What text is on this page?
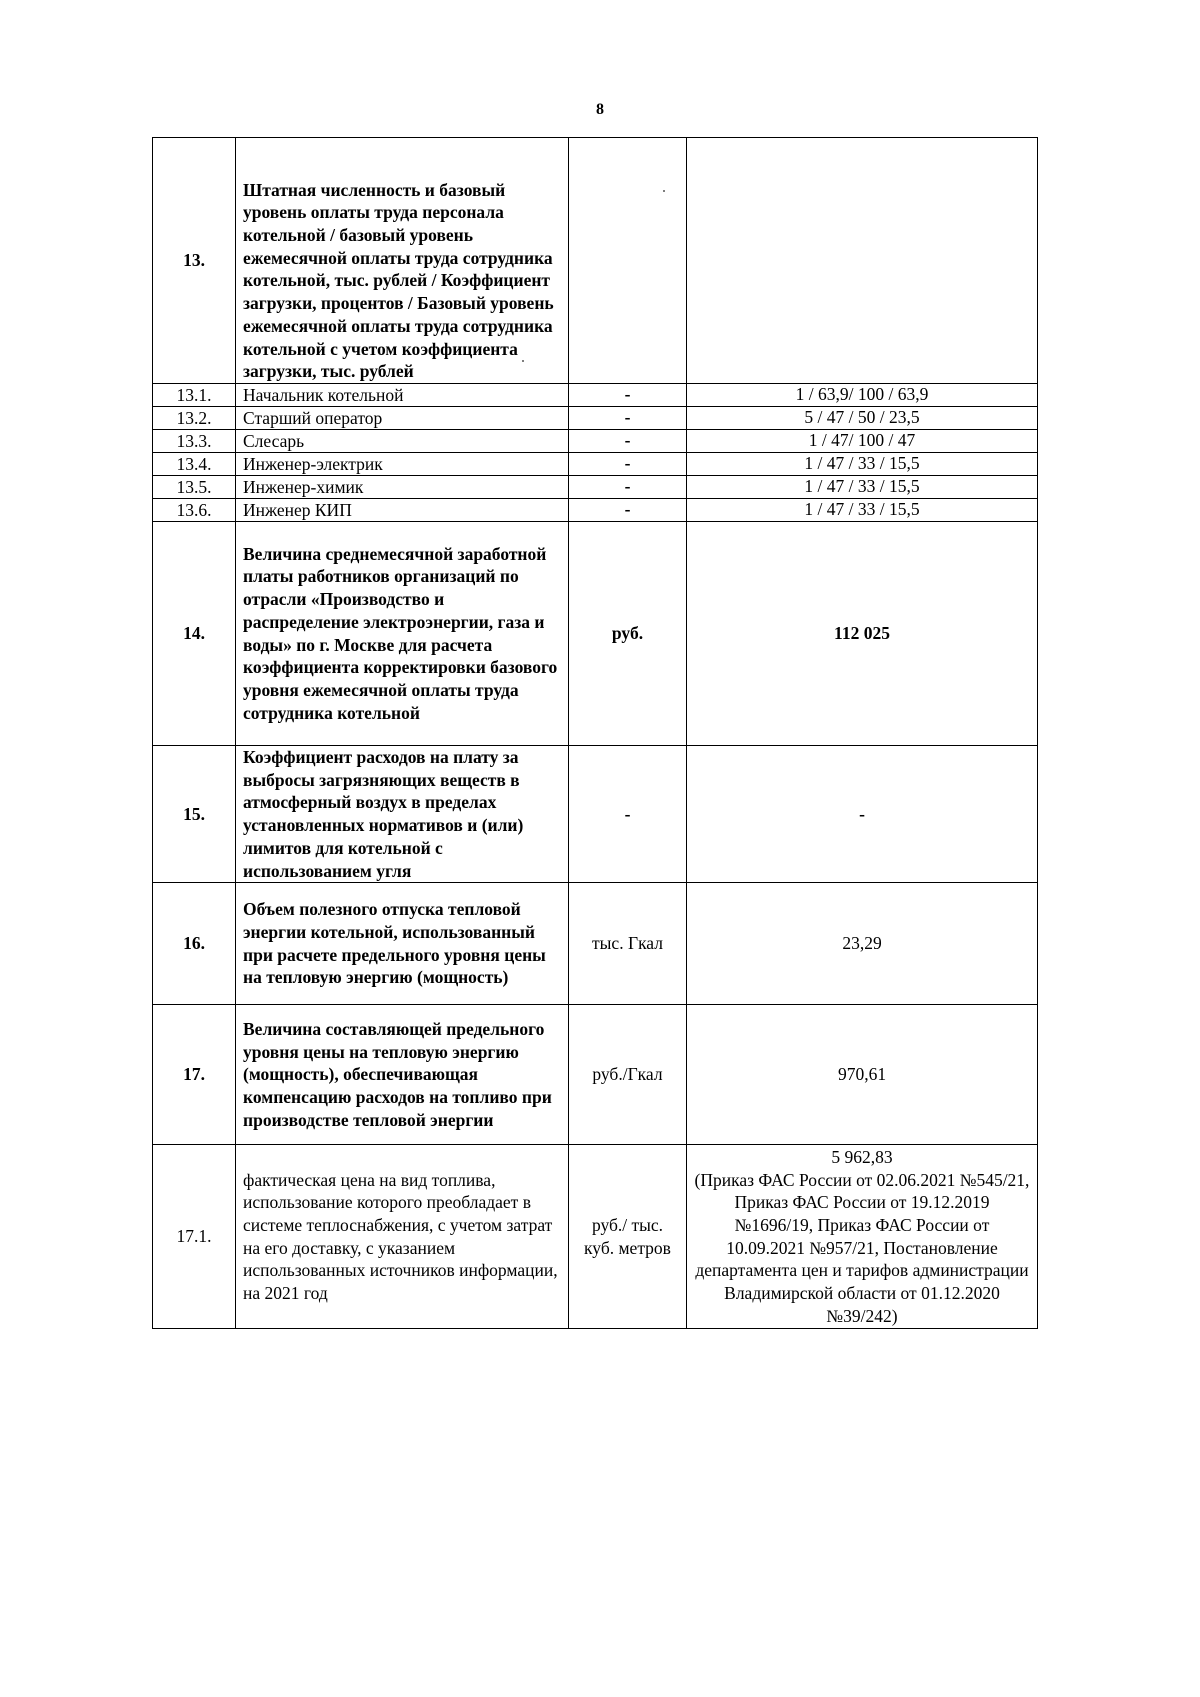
8
13.	Штатная численность и базовый уровень оплаты труда персонала котельной / базовый уровень ежемесячной оплаты труда сотрудника котельной, тыс. рублей / Коэффициент загрузки, процентов / Базовый уровень ежемесячной оплаты труда сотрудника котельной с учетом коэффициента загрузки, тыс. рублей		
13.1.	Начальник котельной	-	1 / 63,9/ 100 / 63,9
13.2.	Старший оператор	-	5 / 47 / 50 / 23,5
13.3.	Слесарь	-	1 / 47/ 100 / 47
13.4.	Инженер-электрик	-	1 / 47 / 33 / 15,5
13.5.	Инженер-химик	-	1 / 47 / 33 / 15,5
13.6.	Инженер КИП	-	1 / 47 / 33 / 15,5
14.	Величина среднемесячной заработной платы работников организаций по отрасли «Производство и распределение электроэнергии, газа и воды» по г. Москве для расчета коэффициента корректировки базового уровня ежемесячной оплаты труда сотрудника котельной	руб.	112 025
15.	Коэффициент расходов на плату за выбросы загрязняющих веществ в атмосферный воздух в пределах установленных нормативов и (или) лимитов для котельной с использованием угля	-	-
16.	Объем полезного отпуска тепловой энергии котельной, использованный при расчете предельного уровня цены на тепловую энергию (мощность)	тыс. Гкал	23,29
17.	Величина составляющей предельного уровня цены на тепловую энергию (мощность), обеспечивающая компенсацию расходов на топливо при производстве тепловой энергии	руб./Гкал	970,61
17.1.	фактическая цена на вид топлива, использование которого преобладает в системе теплоснабжения, с учетом затрат на его доставку, с указанием использованных источников информации, на 2021 год	руб./ тыс. куб. метров	5 962,83
(Приказ ФАС России от 02.06.2021 №545/21, Приказ ФАС России от 19.12.2019 №1696/19, Приказ ФАС России от 10.09.2021 №957/21, Постановление департамента цен и тарифов администрации Владимирской области от 01.12.2020 №39/242)
